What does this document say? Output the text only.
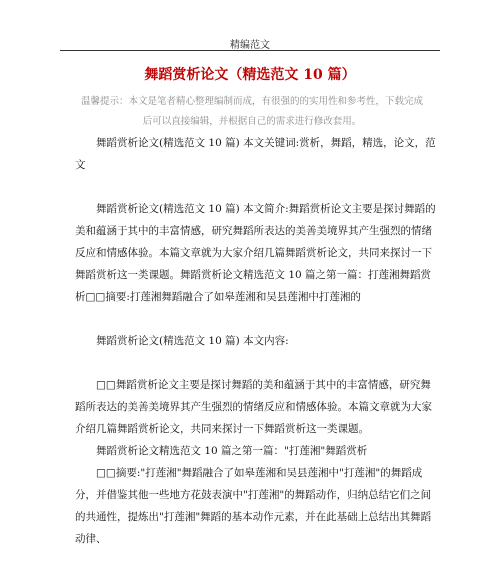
精编范文
舞蹈赏析论文（精选范文 10 篇）
温馨提示：本文是笔者精心整理编制而成，有很强的的实用性和参考性，下载完成后可以直接编辑，并根据自己的需求进行修改套用。

舞蹈赏析论文(精选范文 10 篇) 本文关键词:赏析，舞蹈，精选，论文，范文

舞蹈赏析论文(精选范文 10 篇) 本文简介:舞蹈赏析论文主要是探讨舞蹈的美和蕴涵于其中的丰富情感，研究舞蹈所表达的美善美境界其产生强烈的情绪反应和情感体验。本篇文章就为大家介绍几篇舞蹈赏析论文，共同来探讨一下舞蹈赏析这一类课题。舞蹈赏析论文精选范文 10 篇之第一篇：打莲湘舞蹈赏析□□摘要:打莲湘舞蹈融合了如皋莲湘和吴县莲湘中打莲湘的

舞蹈赏析论文(精选范文 10 篇) 本文内容:

□□舞蹈赏析论文主要是探讨舞蹈的美和蕴涵于其中的丰富情感，研究舞蹈所表达的美善美境界其产生强烈的情绪反应和情感体验。本篇文章就为大家介绍几篇舞蹈赏析论文，共同来探讨一下舞蹈赏析这一类课题。

舞蹈赏析论文精选范文 10 篇之第一篇："打莲湘"舞蹈赏析

□□摘要:"打莲湘"舞蹈融合了如皋莲湘和吴县莲湘中"打莲湘"的舞蹈成分，并借鉴其他一些地方花鼓表演中"打莲湘"的舞蹈动作，归纳总结它们之间的共通性，提炼出"打莲湘"舞蹈的基本动作元素，并在此基础上总结出其舞蹈动律、
